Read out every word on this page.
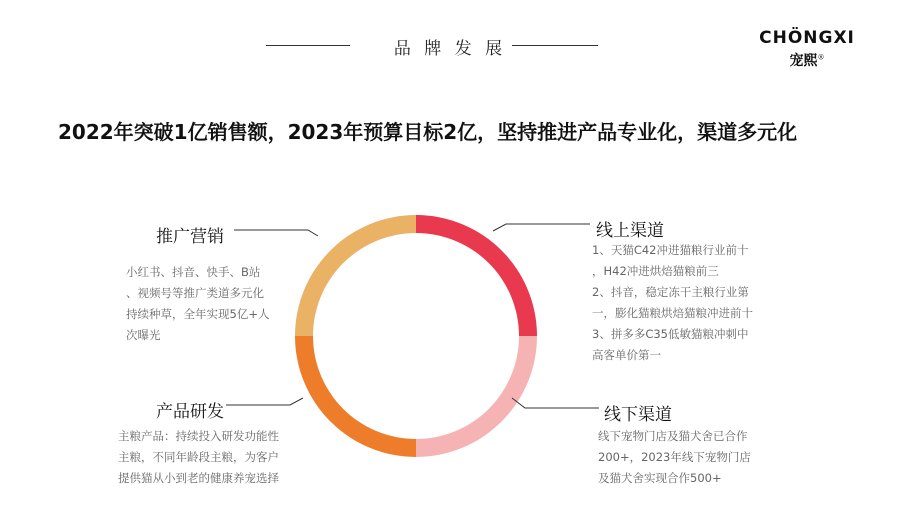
品 牌 发 展
CHÖNGXI
宠熙®
2022年突破1亿销售额，2023年预算目标2亿，坚持推进产品专业化，渠道多元化
推广营销
小红书、抖音、快手、B站
、视频号等推广类道多元化
持续种草，全年实现5亿+人
次曝光
产品研发
主粮产品：持续投入研发功能性
主粮，不同年龄段主粮，为客户
提供猫从小到老的健康养宠选择
线上渠道
1、天猫C42冲进猫粮行业前十
，H42冲进烘焙猫粮前三
2、抖音，稳定冻干主粮行业第
一，膨化猫粮烘焙猫粮冲进前十
3、拼多多C35低敏猫粮冲刺中
高客单价第一
线下渠道
线下宠物门店及猫犬舍已合作
200+，2023年线下宠物门店
及猫犬舍实现合作500+
